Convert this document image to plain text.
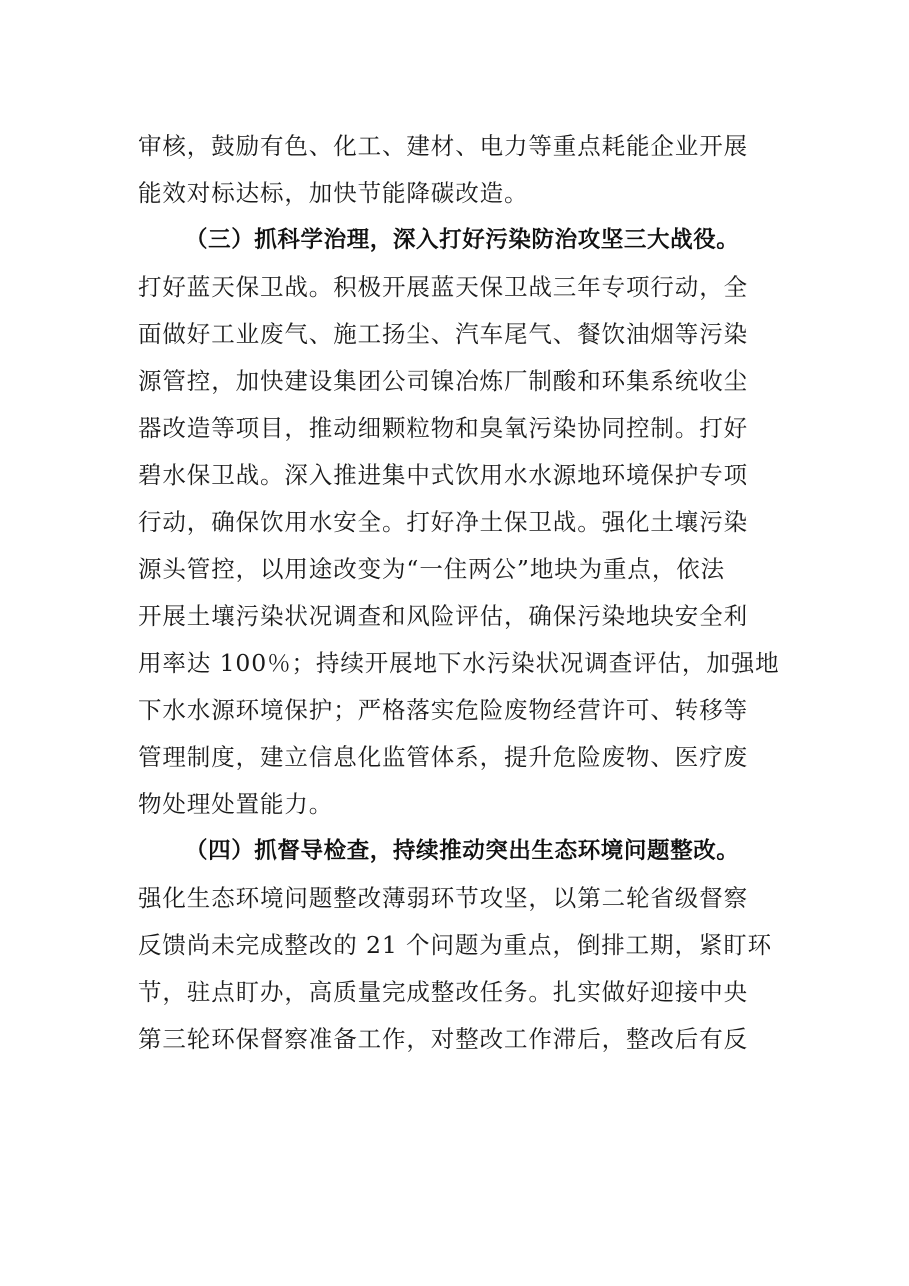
审核，鼓励有色、化工、建材、电力等重点耗能企业开展
能效对标达标，加快节能降碳改造。
（三）抓科学治理，深入打好污染防治攻坚三大战役。
打好蓝天保卫战。积极开展蓝天保卫战三年专项行动，全
面做好工业废气、施工扬尘、汽车尾气、餐饮油烟等污染
源管控，加快建设集团公司镍冶炼厂制酸和环集系统收尘
器改造等项目，推动细颗粒物和臭氧污染协同控制。打好
碧水保卫战。深入推进集中式饮用水水源地环境保护专项
行动，确保饮用水安全。打好净土保卫战。强化土壤污染
源头管控，以用途改变为“一住两公”地块为重点，依法
开展土壤污染状况调查和风险评估，确保污染地块安全利
用率达 100％；持续开展地下水污染状况调查评估，加强地
下水水源环境保护；严格落实危险废物经营许可、转移等
管理制度，建立信息化监管体系，提升危险废物、医疗废
物处理处置能力。
（四）抓督导检查，持续推动突出生态环境问题整改。
强化生态环境问题整改薄弱环节攻坚，以第二轮省级督察
反馈尚未完成整改的 21 个问题为重点，倒排工期，紧盯环
节，驻点盯办，高质量完成整改任务。扎实做好迎接中央
第三轮环保督察准备工作，对整改工作滞后，整改后有反
